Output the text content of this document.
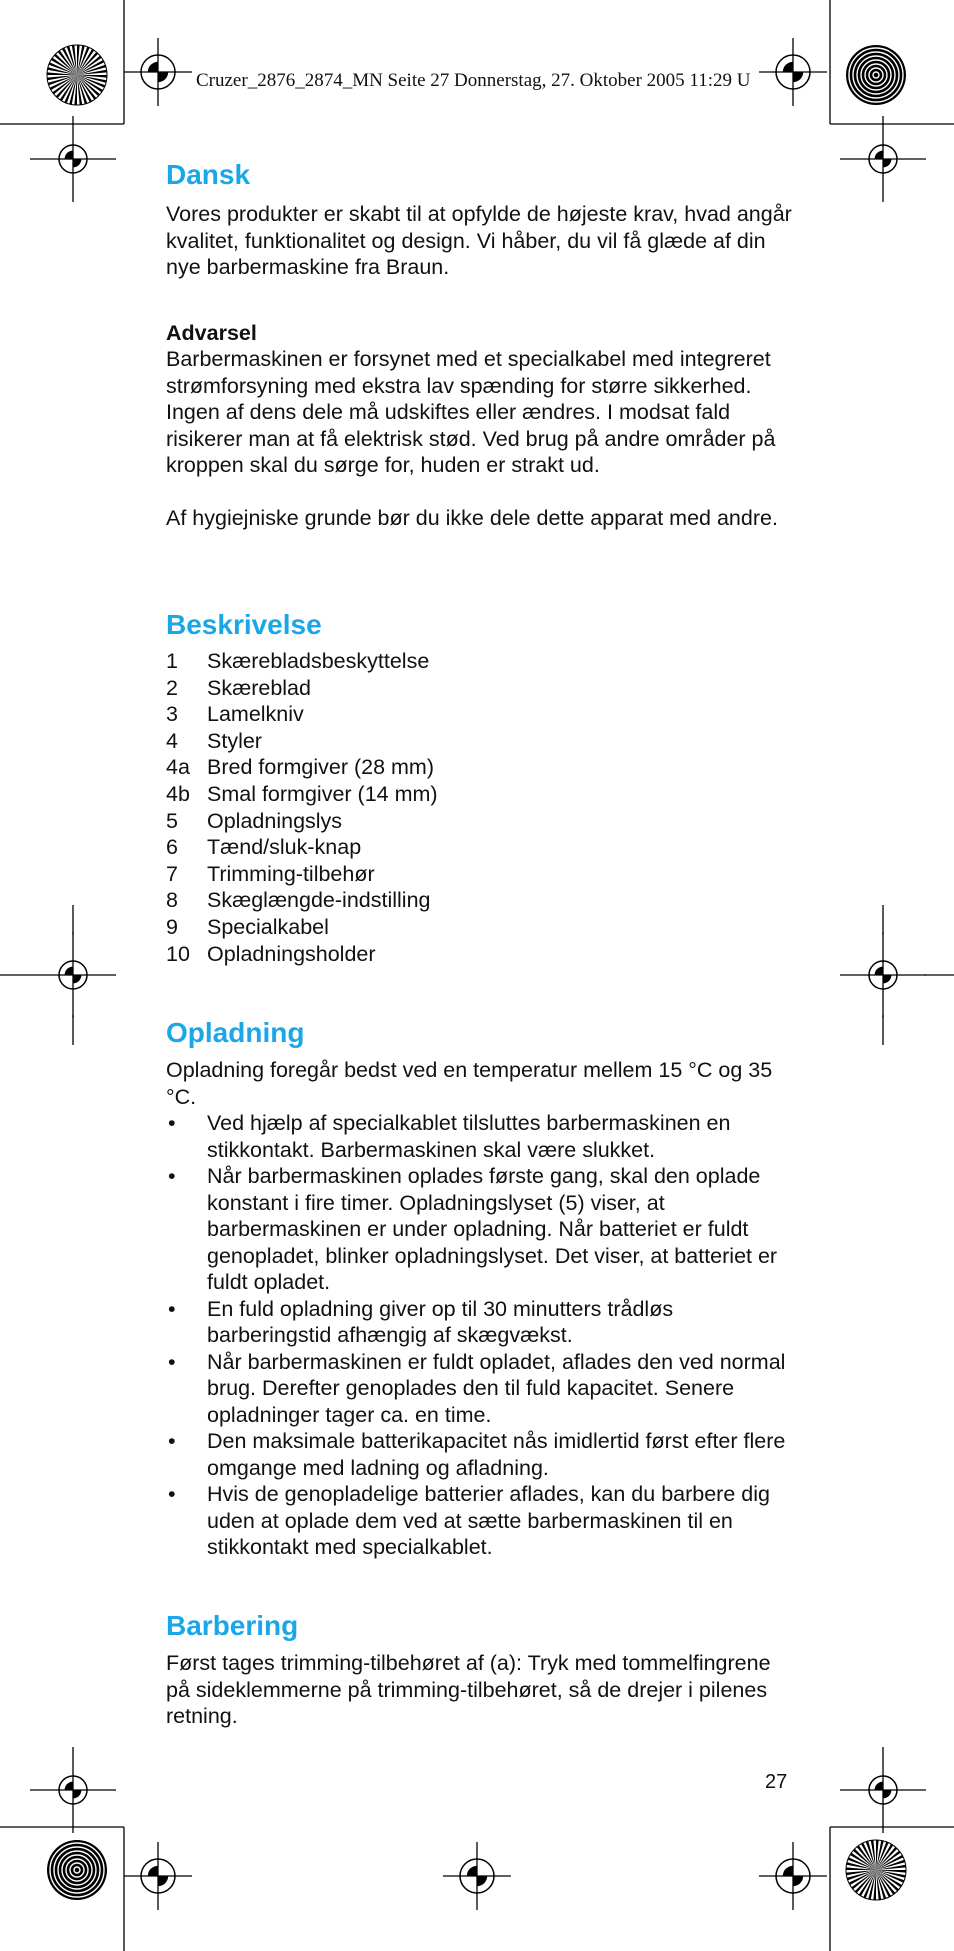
Cruzer_2876_2874_MN Seite 27 Donnerstag, 27. Oktober 2005 11:29 U
Dansk

Vores produkter er skabt til at opfylde de højeste krav, hvad angår kvalitet, funktionalitet og design. Vi håber, du vil få glæde af din nye barbermaskine fra Braun.

Advarsel

Barbermaskinen er forsynet med et specialkabel med integreret strømforsyning med ekstra lav spænding for større sikkerhed. Ingen af dens dele må udskiftes eller ændres. I modsat fald risikerer man at få elektrisk stød. Ved brug på andre områder på kroppen skal du sørge for, huden er strakt ud.

Af hygiejniske grunde bør du ikke dele dette apparat med andre.

Beskrivelse
1	Skærebladsbeskyttelse
2	Skæreblad
3	Lamelkniv
4	Styler
4a Bred formgiver (28 mm)
4b Smal formgiver (14 mm)
5	Opladningslys
6	Tænd/sluk-knap
7	Trimming-tilbehør
8	Skæglængde-indstilling
9	Specialkabel
10 Opladningsholder
Opladning

Opladning foregår bedst ved en temperatur mellem 15 °C og 35 °C.

•	Ved hjælp af specialkablet tilsluttes barbermaskinen en stikkontakt. Barbermaskinen skal være slukket.
•	Når barbermaskinen oplades første gang, skal den oplade konstant i fire timer. Opladningslyset (5) viser, at barbermaskinen er under opladning. Når batteriet er fuldt genopladet, blinker opladningslyset. Det viser, at batteriet er fuldt opladet.
•	En fuld opladning giver op til 30 minutters trådløs barberingstid afhængig af skægvækst.
•	Når barbermaskinen er fuldt opladet, aflades den ved normal brug. Derefter genoplades den til fuld kapacitet. Senere opladninger tager ca. en time.
•	Den maksimale batterikapacitet nås imidlertid først efter flere omgange med ladning og afladning.
•	Hvis de genopladelige batterier aflades, kan du barbere dig uden at oplade dem ved at sætte barbermaskinen til en stikkontakt med specialkablet.
Barbering

Først tages trimming-tilbehøret af (a): Tryk med tommelfingrene på sideklemmerne på trimming-tilbehøret, så de drejer i pilenes retning.

27
